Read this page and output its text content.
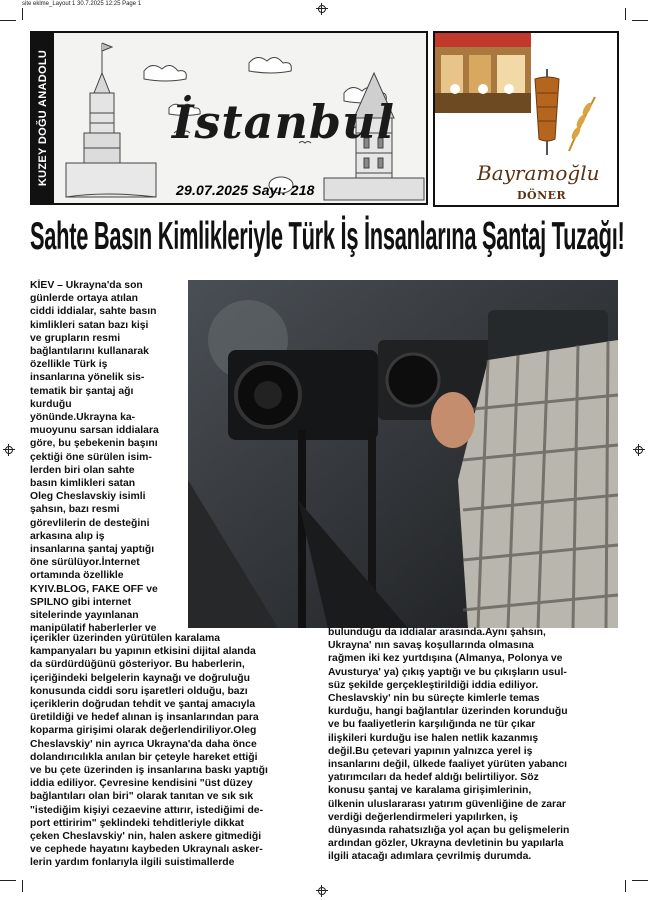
site eklme_Layout 1 30.7.2025 12:25 Page 1
KUZEY DOĞU ANADOLU	İstanbul
29.07.2025 Sayı: 218
Bayramoğlu
DÖNER
Sahte Basın Kimlikleriyle Türk İş İnsanlarına Şantaj Tuzağı!
KİEV – Ukrayna'da son
günlerde ortaya atılan
ciddi iddialar, sahte basın
kimlikleri satan bazı kişi
ve grupların resmi
bağlantılarını kullanarak
özellikle Türk iş
insanlarına yönelik sis-
tematik bir şantaj ağı
kurduğu
yönünde.Ukrayna ka-
muoyunu sarsan iddialara
göre, bu şebekenin başını
çektiği öne sürülen isim-
lerden biri olan sahte
basın kimlikleri satan
Oleg Cheslavskiy isimli
şahsın, bazı resmi
görevlilerin de desteğini
arkasına alıp iş
insanlarına şantaj yaptığı
öne sürülüyor.İnternet
ortamında özellikle
KYIV.BLOG, FAKE OFF ve
SPILNO gibi internet
sitelerinde yayınlanan
manipülatif haberlerler ve
içerikler üzerinden yürütülen karalama
kampanyaları bu yapının etkisini dijital alanda
da sürdürdüğünü gösteriyor. Bu haberlerin,
içeriğindeki belgelerin kaynağı ve doğruluğu
konusunda ciddi soru işaretleri olduğu, bazı
içeriklerin doğrudan tehdit ve şantaj amacıyla
üretildiği ve hedef alınan iş insanlarından para
koparma girişimi olarak değerlendiriliyor.Oleg
Cheslavskiy' nin ayrıca Ukrayna'da daha önce
dolandırıcılıkla anılan bir çeteyle hareket ettiği
ve bu çete üzerinden iş insanlarına baskı yaptığı
iddia ediliyor. Çevresine kendisini "üst düzey
bağlantıları olan biri" olarak tanıtan ve sık sık
"istediğim kişiyi cezaevine attırır, istediğimi de-
port ettiririm" şeklindeki tehditleriyle dikkat
çeken Cheslavskiy' nin, halen askere gitmediği
ve cephede hayatını kaybeden Ukraynalı asker-
lerin yardım fonlarıyla ilgili suistimallerde
bulunduğu da iddialar arasında.Aynı şahsın,
Ukrayna' nın savaş koşullarında olmasına
rağmen iki kez yurtdışına (Almanya, Polonya ve
Avusturya' ya) çıkış yaptığı ve bu çıkışların usul-
süz şekilde gerçekleştirildiği iddia ediliyor.
Cheslavskiy' nin bu süreçte kimlerle temas
kurduğu, hangi bağlantılar üzerinden korunduğu
ve bu faaliyetlerin karşılığında ne tür çıkar
ilişkileri kurduğu ise halen netlik kazanmış
değil.Bu çetevari yapının yalnızca yerel iş
insanlarını değil, ülkede faaliyet yürüten yabancı
yatırımcıları da hedef aldığı belirtiliyor. Söz
konusu şantaj ve karalama girişimlerinin,
ülkenin uluslararası yatırım güvenliğine de zarar
verdiği değerlendirmeleri yapılırken, iş
dünyasında rahatsızlığa yol açan bu gelişmelerin
ardından gözler, Ukrayna devletinin bu yapılarla
ilgili atacağı adımlara çevrilmiş durumda.
